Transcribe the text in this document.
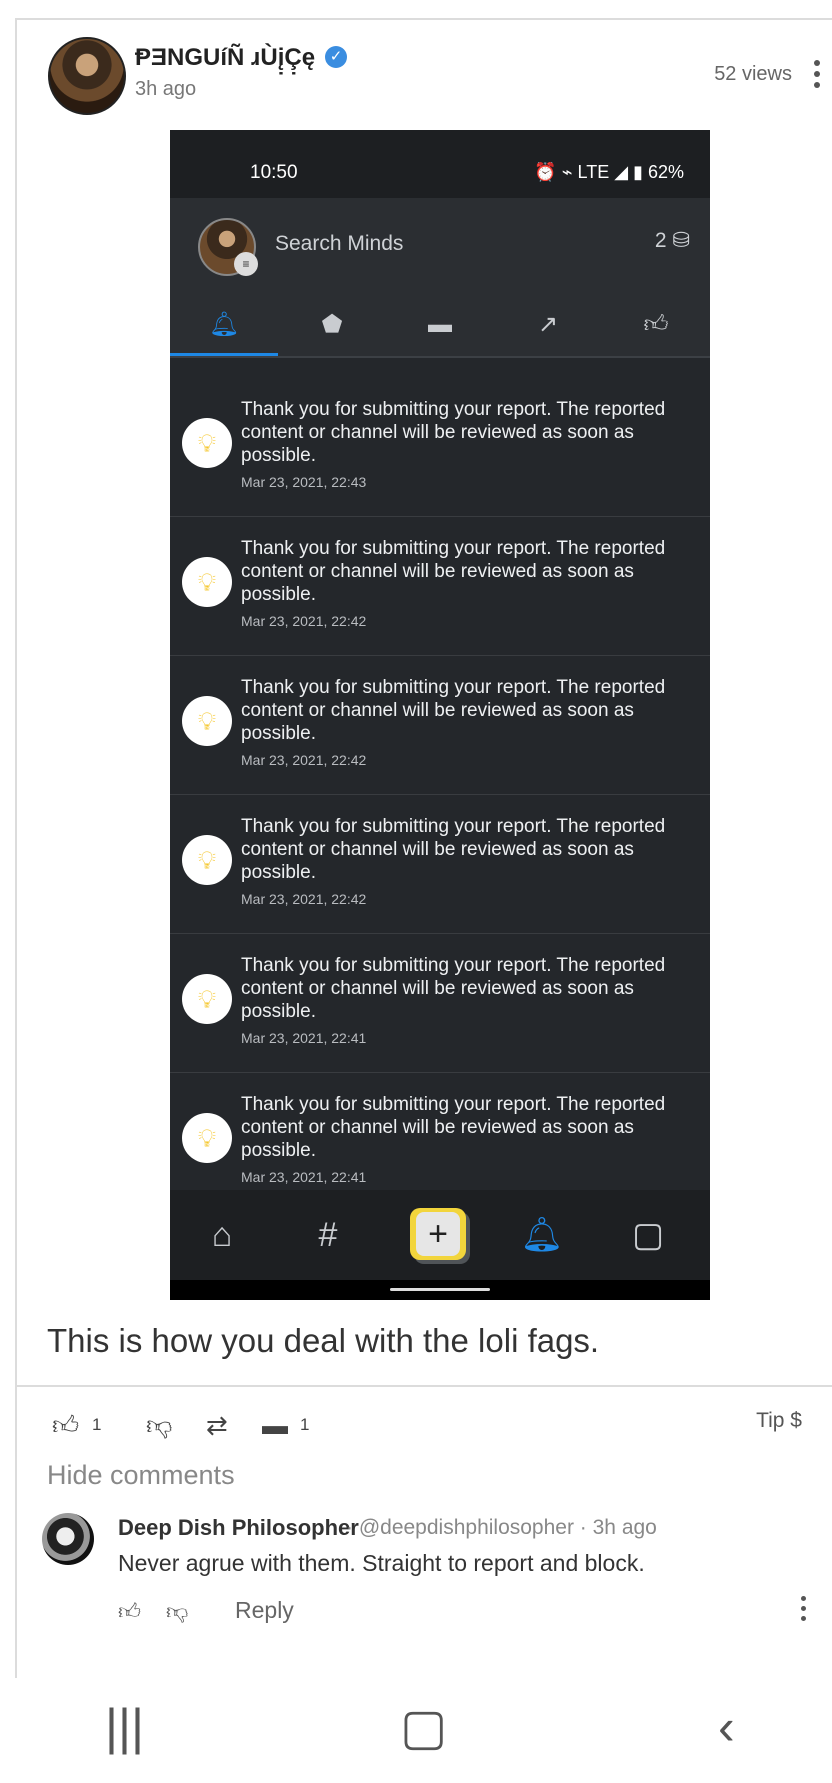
ⱣƎNGUíÑ ɹÙį̣Ç̣ę ✓
3h ago
52 views
10:50	⏰ ⌁ LTE ◢ ▮ 62%
≡
Search Minds	2 ⛁
🔔︎	⬟	▬	↗	👍︎
💡︎
Thank you for submitting your report. The reported content or channel will be reviewed as soon as possible.
Mar 23, 2021, 22:43
💡︎
Thank you for submitting your report. The reported content or channel will be reviewed as soon as possible.
Mar 23, 2021, 22:42
💡︎
Thank you for submitting your report. The reported content or channel will be reviewed as soon as possible.
Mar 23, 2021, 22:42
💡︎
Thank you for submitting your report. The reported content or channel will be reviewed as soon as possible.
Mar 23, 2021, 22:42
💡︎
Thank you for submitting your report. The reported content or channel will be reviewed as soon as possible.
Mar 23, 2021, 22:41
💡︎
Thank you for submitting your report. The reported content or channel will be reviewed as soon as possible.
Mar 23, 2021, 22:41
⌂	#	+	🔔︎	▢
This is how you deal with the loli fags.
👍︎ 1 👎︎ ⇄ ▬ 1	Tip $
Hide comments
Deep Dish Philosopher
· @deepdishphilosopher · 3h ago
Never agrue with them. Straight to report and block.
👍︎ 👎︎ Reply
|||	▢	‹
